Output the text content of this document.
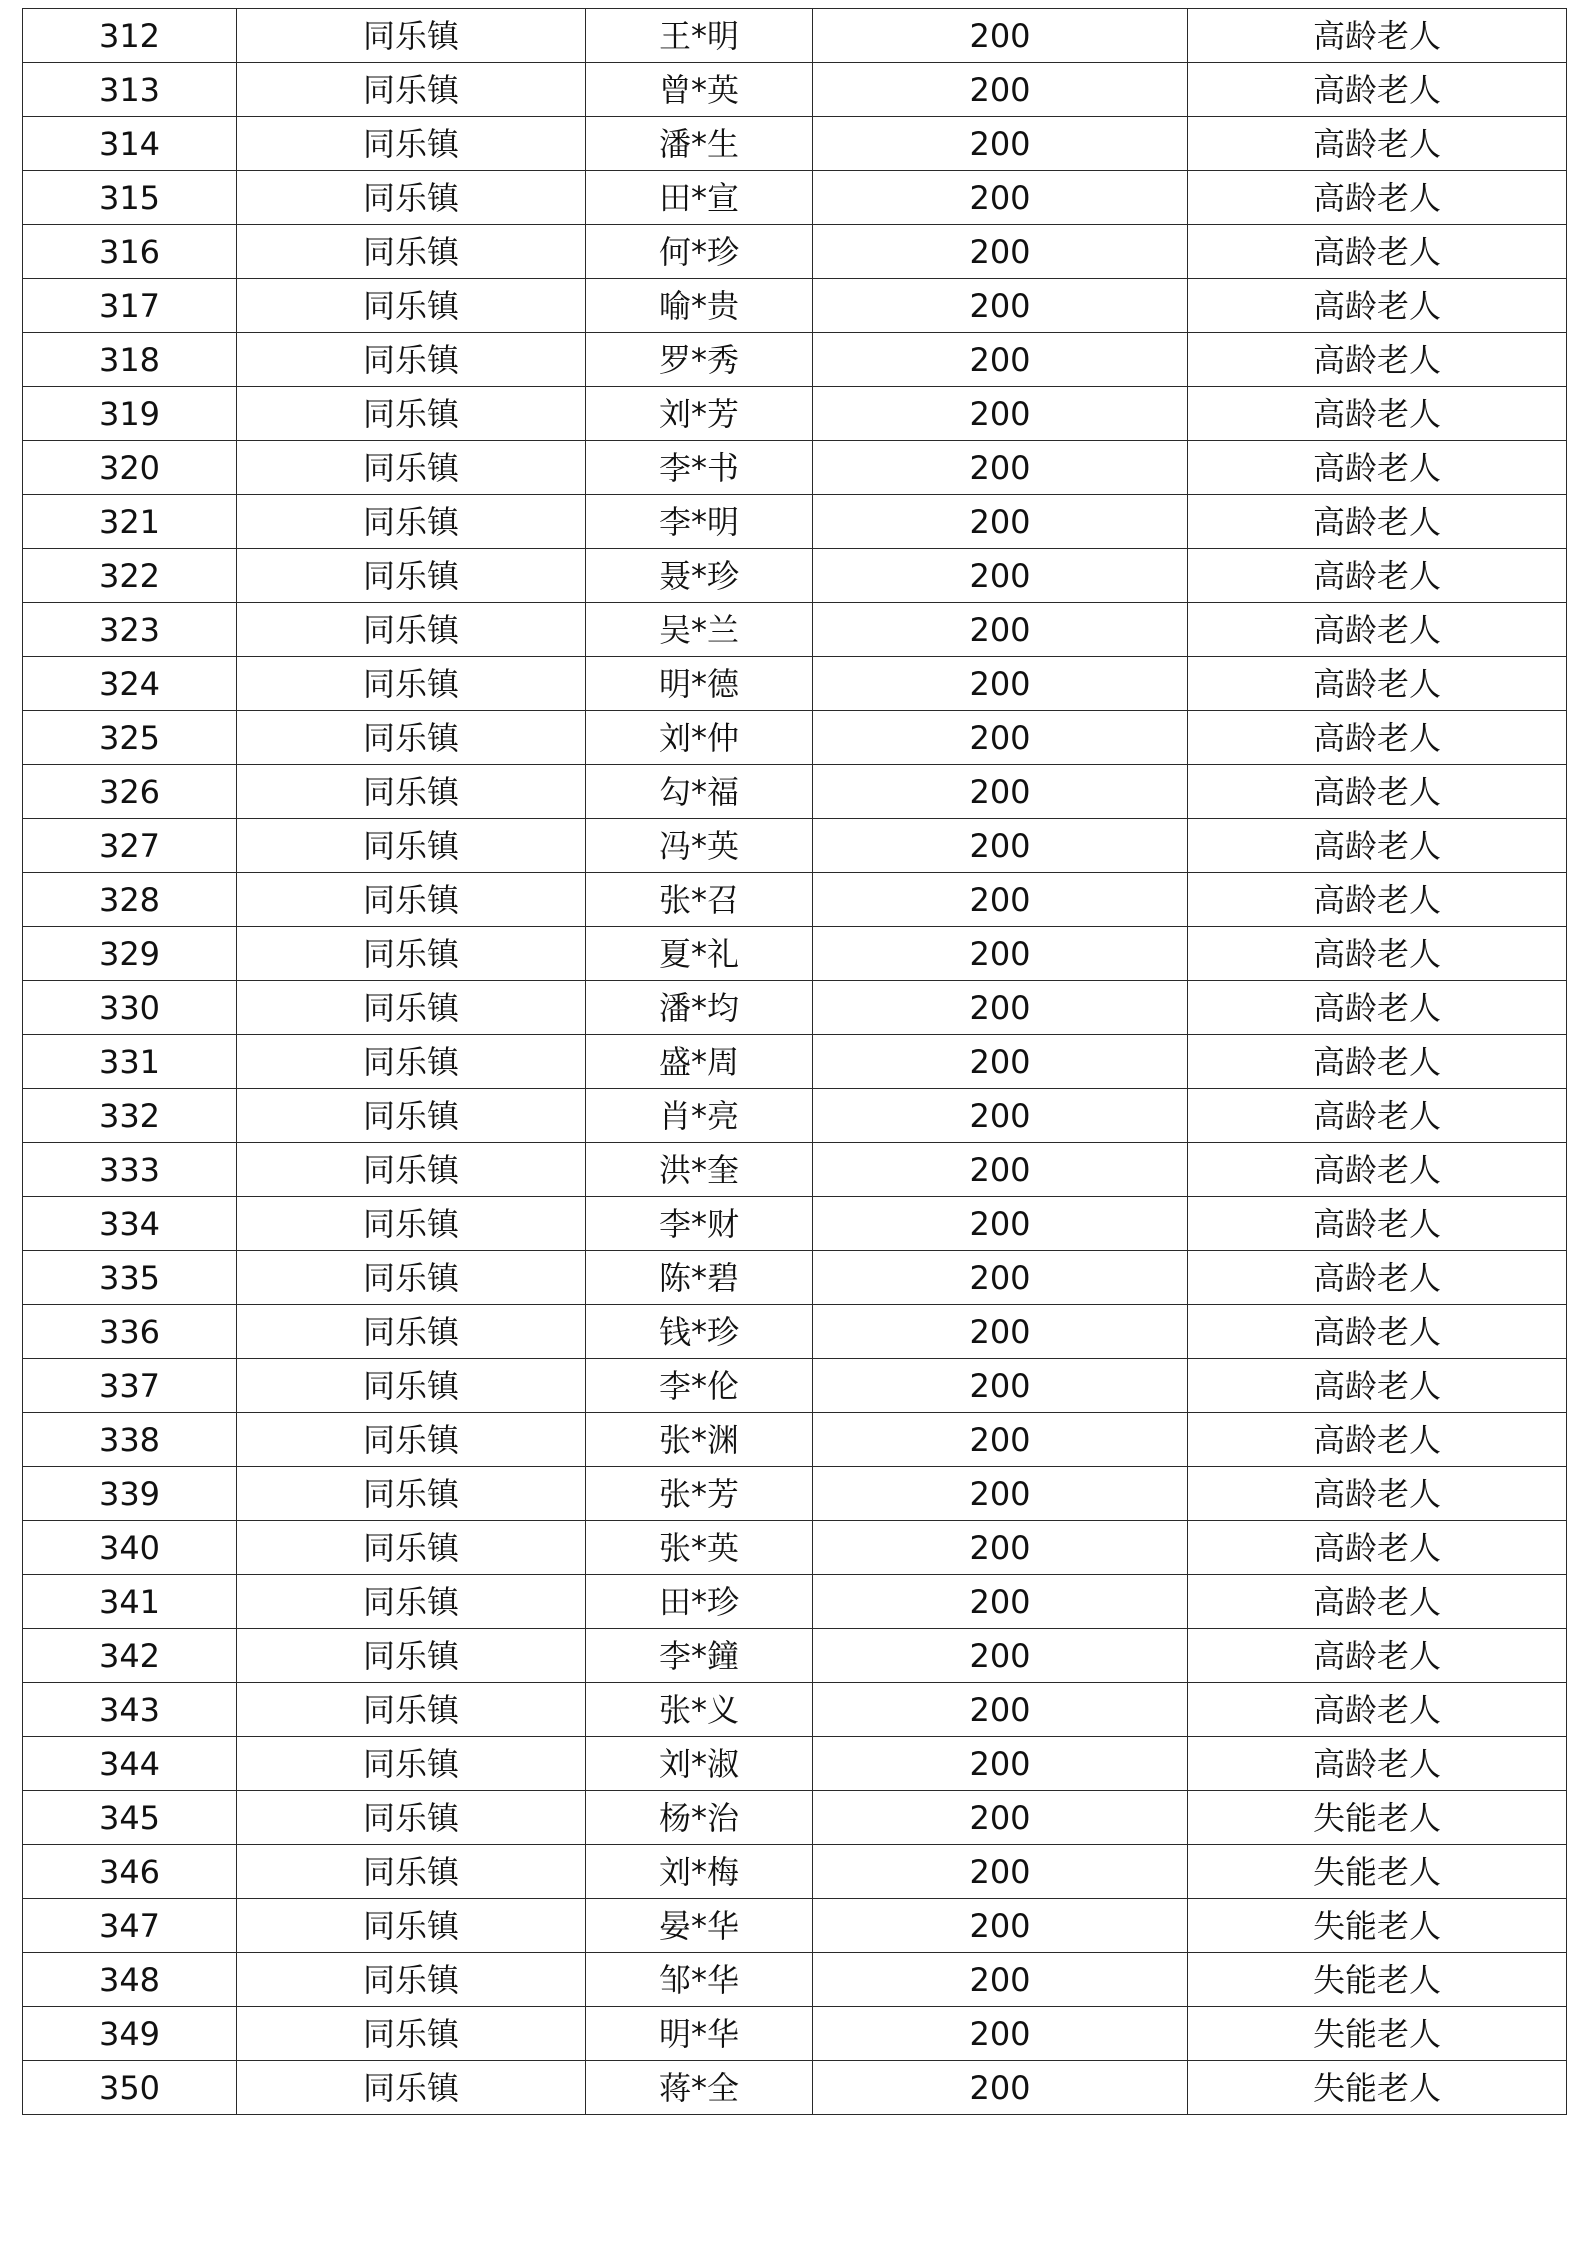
312	同乐镇	王*明	200	高龄老人
313	同乐镇	曾*英	200	高龄老人
314	同乐镇	潘*生	200	高龄老人
315	同乐镇	田*宣	200	高龄老人
316	同乐镇	何*珍	200	高龄老人
317	同乐镇	喻*贵	200	高龄老人
318	同乐镇	罗*秀	200	高龄老人
319	同乐镇	刘*芳	200	高龄老人
320	同乐镇	李*书	200	高龄老人
321	同乐镇	李*明	200	高龄老人
322	同乐镇	聂*珍	200	高龄老人
323	同乐镇	吴*兰	200	高龄老人
324	同乐镇	明*德	200	高龄老人
325	同乐镇	刘*仲	200	高龄老人
326	同乐镇	勾*福	200	高龄老人
327	同乐镇	冯*英	200	高龄老人
328	同乐镇	张*召	200	高龄老人
329	同乐镇	夏*礼	200	高龄老人
330	同乐镇	潘*均	200	高龄老人
331	同乐镇	盛*周	200	高龄老人
332	同乐镇	肖*亮	200	高龄老人
333	同乐镇	洪*奎	200	高龄老人
334	同乐镇	李*财	200	高龄老人
335	同乐镇	陈*碧	200	高龄老人
336	同乐镇	钱*珍	200	高龄老人
337	同乐镇	李*伦	200	高龄老人
338	同乐镇	张*渊	200	高龄老人
339	同乐镇	张*芳	200	高龄老人
340	同乐镇	张*英	200	高龄老人
341	同乐镇	田*珍	200	高龄老人
342	同乐镇	李*鐘	200	高龄老人
343	同乐镇	张*义	200	高龄老人
344	同乐镇	刘*淑	200	高龄老人
345	同乐镇	杨*治	200	失能老人
346	同乐镇	刘*梅	200	失能老人
347	同乐镇	晏*华	200	失能老人
348	同乐镇	邹*华	200	失能老人
349	同乐镇	明*华	200	失能老人
350	同乐镇	蒋*全	200	失能老人
